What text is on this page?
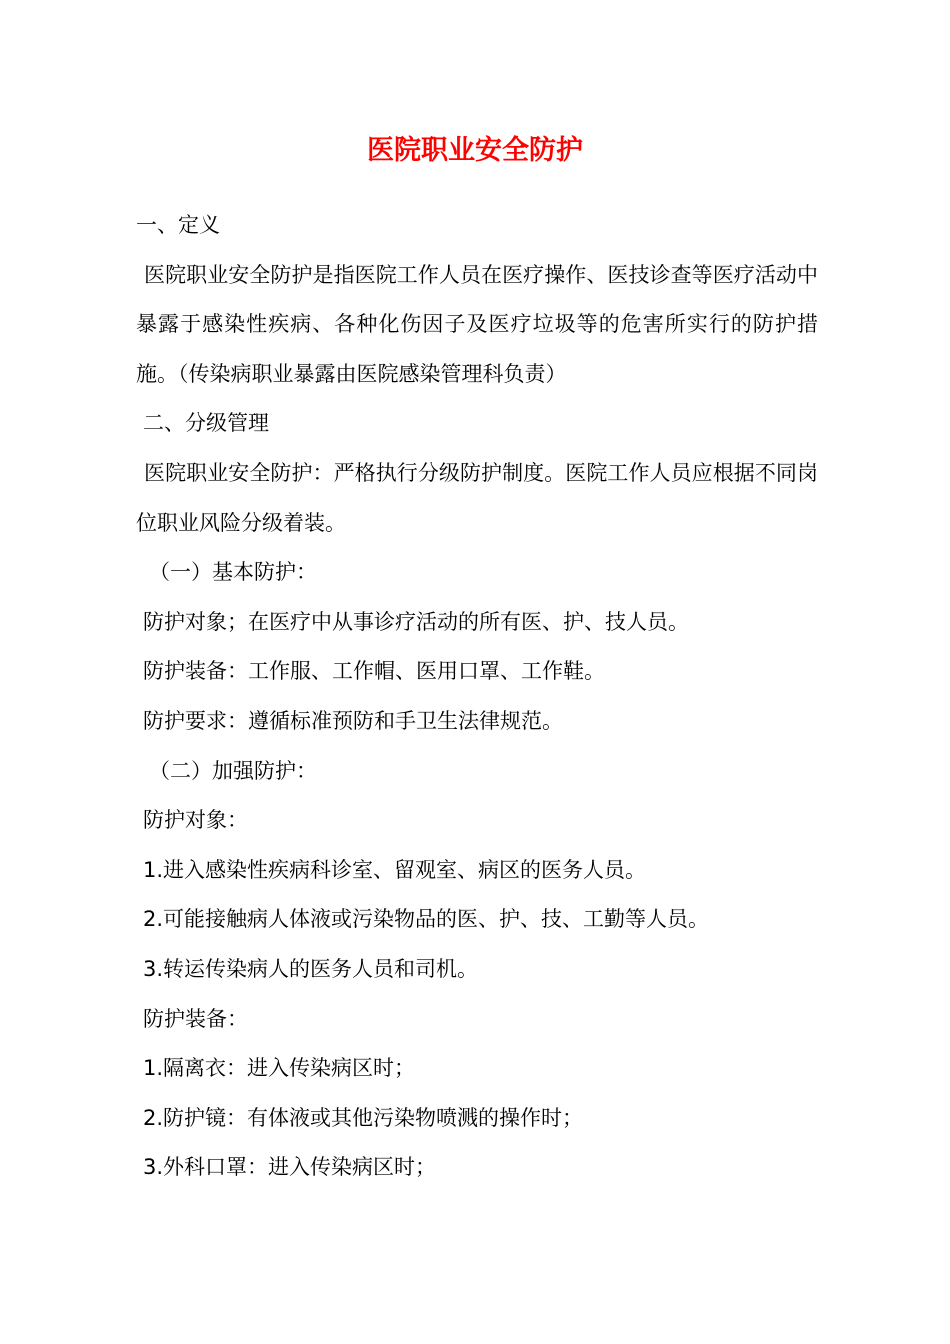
医院职业安全防护
一、定义
医院职业安全防护是指医院工作人员在医疗操作、医技诊查等医疗活动中暴露于感染性疾病、各种化伤因子及医疗垃圾等的危害所实行的防护措施。（传染病职业暴露由医院感染管理科负责）
二、分级管理
医院职业安全防护：严格执行分级防护制度。医院工作人员应根据不同岗位职业风险分级着装。
（一）基本防护：
防护对象；在医疗中从事诊疗活动的所有医、护、技人员。
防护装备：工作服、工作帽、医用口罩、工作鞋。
防护要求：遵循标准预防和手卫生法律规范。
（二）加强防护：
防护对象：
1.进入感染性疾病科诊室、留观室、病区的医务人员。
2.可能接触病人体液或污染物品的医、护、技、工勤等人员。
3.转运传染病人的医务人员和司机。
防护装备：
1.隔离衣：进入传染病区时；
2.防护镜：有体液或其他污染物喷溅的操作时；
3.外科口罩：进入传染病区时；
